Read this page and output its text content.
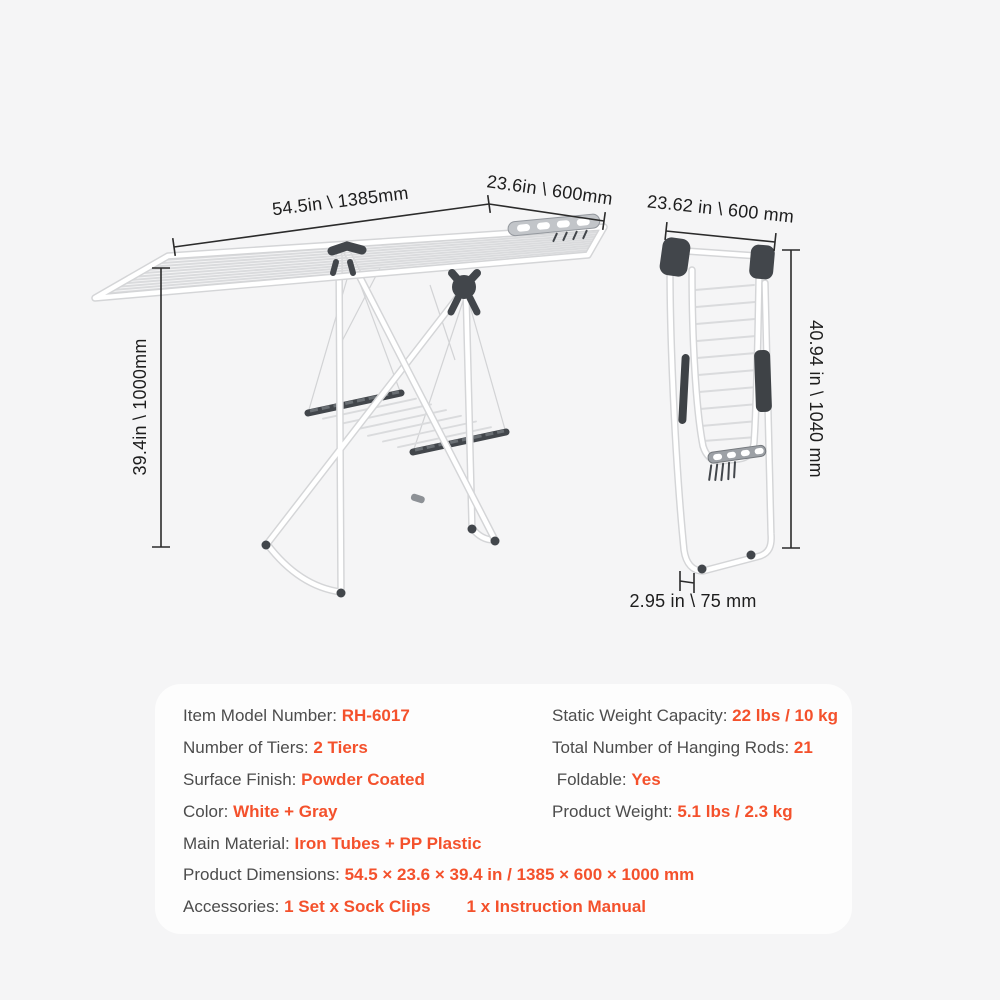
54.5in \ 1385mm	23.6in \ 600mm
39.4in \ 1000mm
23.62 in \ 600 mm
40.94 in \ 1040 mm
2.95 in \ 75 mm
Item Model Number: RH-6017
Number of Tiers: 2 Tiers
Surface Finish: Powder Coated
Color: White + Gray
Main Material: Iron Tubes + PP Plastic
Product Dimensions: 54.5 × 23.6 × 39.4 in / 1385 × 600 × 1000 mm
Accessories: 1 Set x Sock Clips 1 x Instruction Manual
Static Weight Capacity: 22 lbs / 10 kg
Total Number of Hanging Rods: 21
Foldable: Yes
Product Weight: 5.1 lbs / 2.3 kg
